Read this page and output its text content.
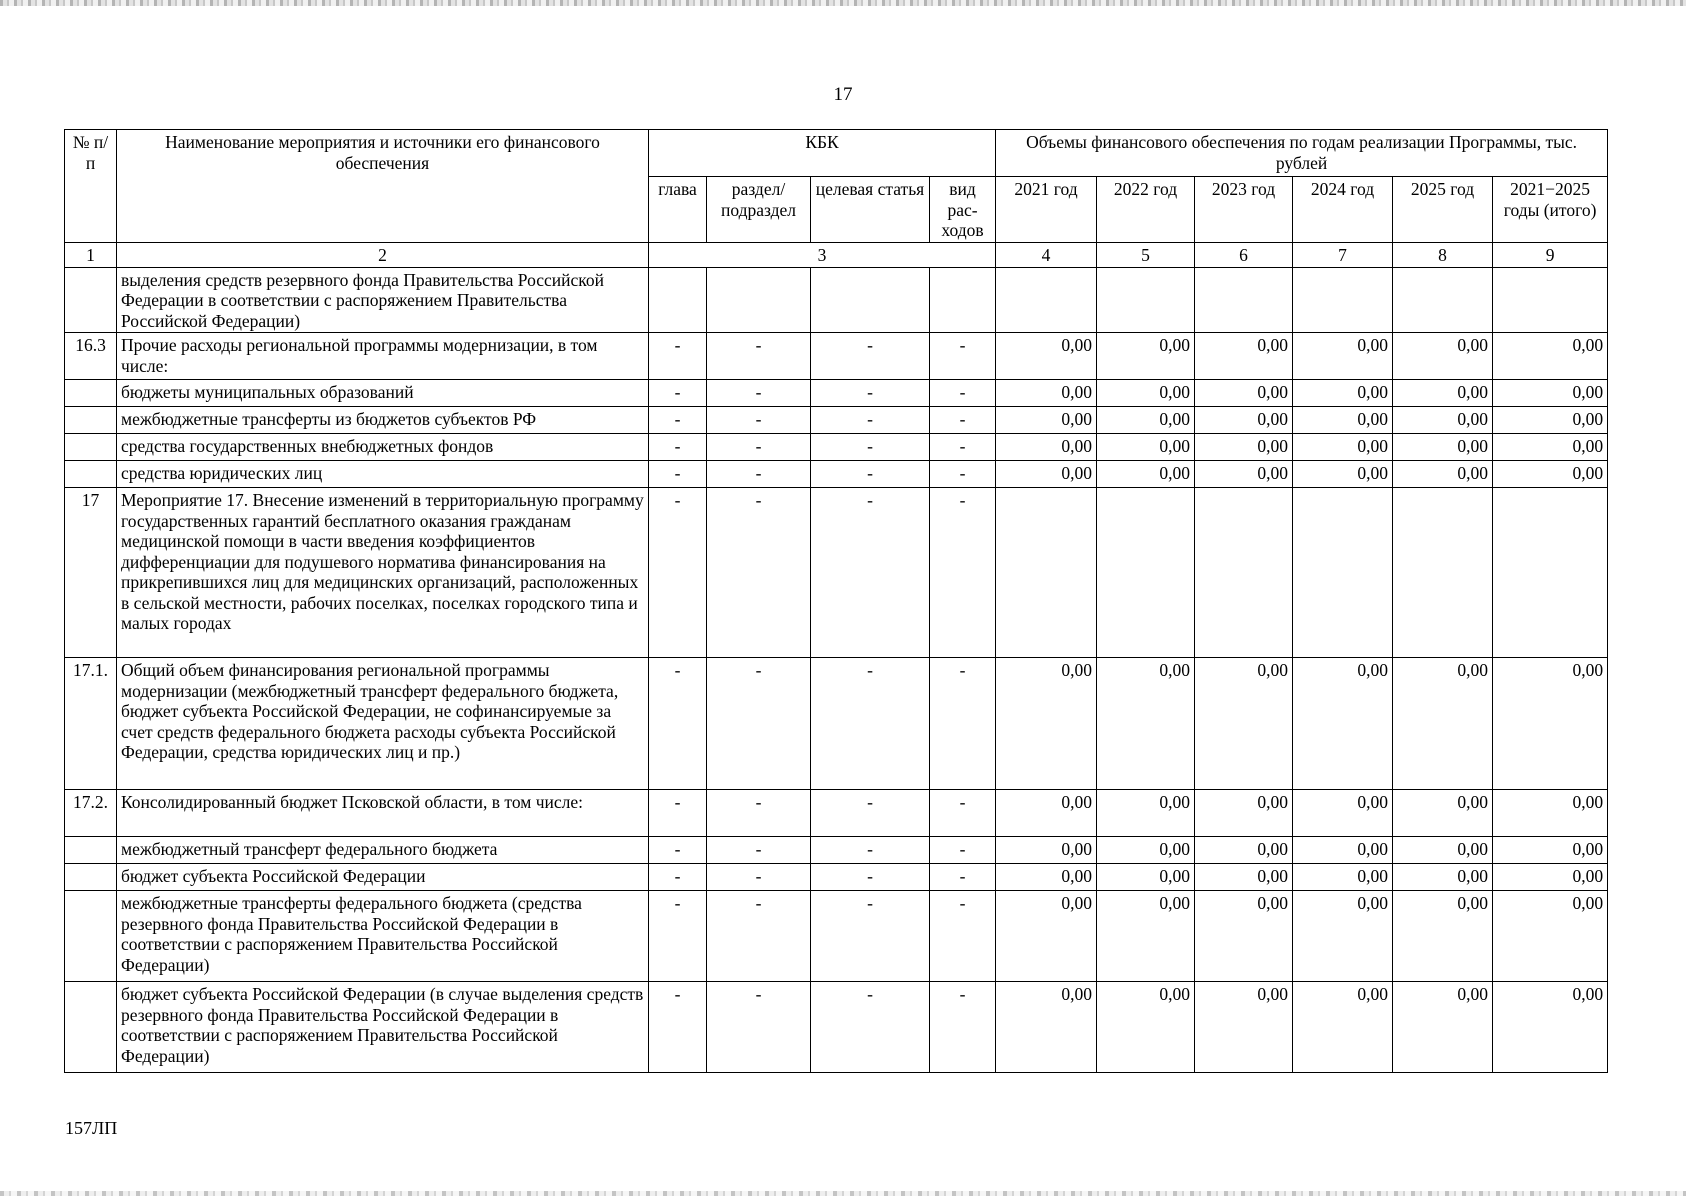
17
№ п/п	Наименование мероприятия и источники его финансового обеспечения	КБК				Объемы финансового обеспечения по годам реализации Программы, тыс. рублей					
		глава	раздел/ подраздел	целевая статья	вид рас-ходов	2021 год	2022 год	2023 год	2024 год	2025 год	2021−2025 годы (итого)
1	2	3				4	5	6	7	8	9
	выделения средств резервного фонда Правительства Российской Федерации в соответствии с распоряжением Правительства Российской Федерации)										
16.3	Прочие расходы региональной программы модернизации, в том числе:	-	-	-	-	0,00	0,00	0,00	0,00	0,00	0,00
	бюджеты муниципальных образований	-	-	-	-	0,00	0,00	0,00	0,00	0,00	0,00
	межбюджетные трансферты из бюджетов субъектов РФ	-	-	-	-	0,00	0,00	0,00	0,00	0,00	0,00
	средства государственных внебюджетных фондов	-	-	-	-	0,00	0,00	0,00	0,00	0,00	0,00
	средства юридических лиц	-	-	-	-	0,00	0,00	0,00	0,00	0,00	0,00
17	Мероприятие 17. Внесение изменений в территориальную программу государственных гарантий бесплатного оказания гражданам медицинской помощи в части введения коэффициентов дифференциации для подушевого норматива финансирования на прикрепившихся лиц для медицинских организаций, расположенных в сельской местности, рабочих поселках, поселках городского типа и малых городах	-	-	-	-						
17.1.	Общий объем финансирования региональной программы модернизации (межбюджетный трансферт федерального бюджета, бюджет субъекта Российской Федерации, не софинансируемые за счет средств федерального бюджета расходы субъекта Российской Федерации, средства юридических лиц и пр.)	-	-	-	-	0,00	0,00	0,00	0,00	0,00	0,00
17.2.	Консолидированный бюджет Псковской области, в том числе:	-	-	-	-	0,00	0,00	0,00	0,00	0,00	0,00
	межбюджетный трансферт федерального бюджета	-	-	-	-	0,00	0,00	0,00	0,00	0,00	0,00
	бюджет субъекта Российской Федерации	-	-	-	-	0,00	0,00	0,00	0,00	0,00	0,00
	межбюджетные трансферты федерального бюджета (средства резервного фонда Правительства Российской Федерации в соответствии с распоряжением Правительства Российской Федерации)	-	-	-	-	0,00	0,00	0,00	0,00	0,00	0,00
	бюджет субъекта Российской Федерации (в случае выделения средств резервного фонда Правительства Российской Федерации в соответствии с распоряжением Правительства Российской Федерации)	-	-	-	-	0,00	0,00	0,00	0,00	0,00	0,00
157ЛП
